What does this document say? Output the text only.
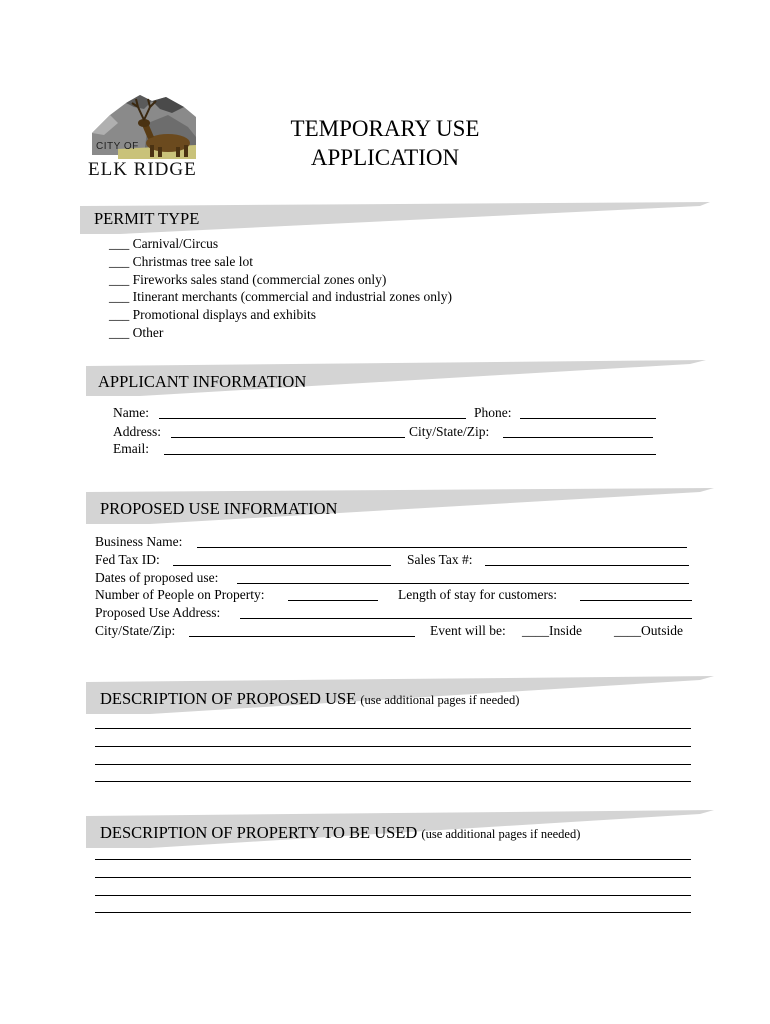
CITY OF
ELK RIDGE
TEMPORARY USE
APPLICATION
PERMIT TYPE
___ Carnival/Circus
___ Christmas tree sale lot
___ Fireworks sales stand (commercial zones only)
___ Itinerant merchants (commercial and industrial zones only)
___ Promotional displays and exhibits
___ Other
APPLICANT INFORMATION
Name:	Phone:
Address:	City/State/Zip:
Email:
PROPOSED USE INFORMATION
Business Name:
Fed Tax ID:	Sales Tax #:
Dates of proposed use:
Number of People on Property:	Length of stay for customers:
Proposed Use Address:
City/State/Zip:	Event will be: ____Inside ____Outside
DESCRIPTION OF PROPOSED USE (use additional pages if needed)
DESCRIPTION OF PROPERTY TO BE USED (use additional pages if needed)
